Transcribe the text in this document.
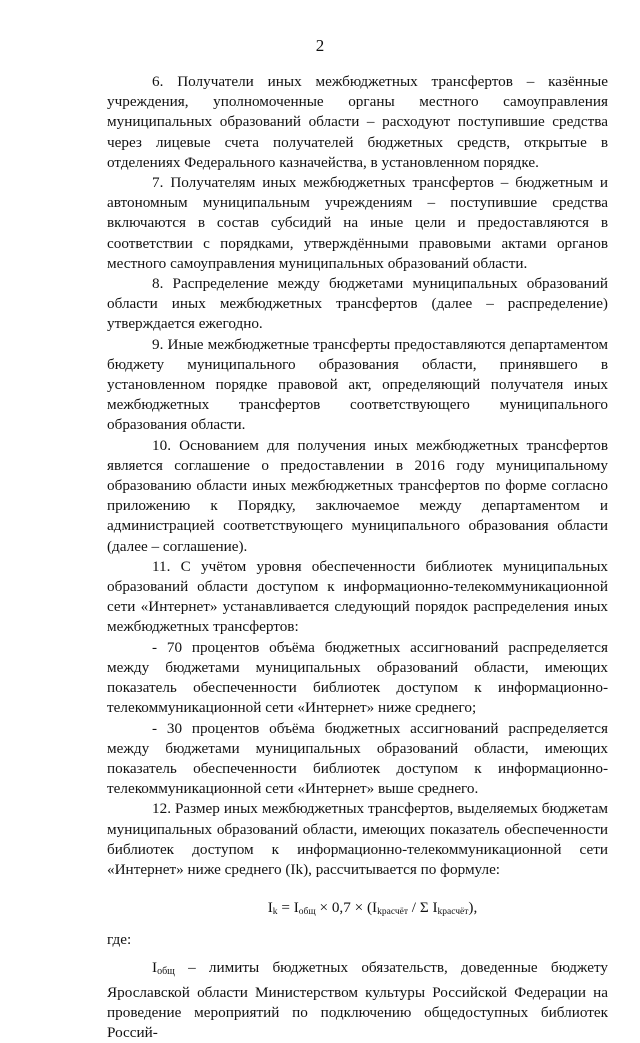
2

6. Получатели иных межбюджетных трансфертов – казённые учреждения, уполномоченные органы местного самоуправления муниципальных образований области – расходуют поступившие средства через лицевые счета получателей бюджетных средств, открытые в отделениях Федерального казначейства, в установленном порядке.

7. Получателям иных межбюджетных трансфертов – бюджетным и автономным муниципальным учреждениям – поступившие средства включаются в состав субсидий на иные цели и предоставляются в соответствии с порядками, утверждёнными правовыми актами органов местного самоуправления муниципальных образований области.

8. Распределение между бюджетами муниципальных образований области иных межбюджетных трансфертов (далее – распределение) утверждается ежегодно.

9. Иные межбюджетные трансферты предоставляются департаментом бюджету муниципального образования области, принявшего в установленном порядке правовой акт, определяющий получателя иных межбюджетных трансфертов соответствующего муниципального образования области.

10. Основанием для получения иных межбюджетных трансфертов является соглашение о предоставлении в 2016 году муниципальному образованию области иных межбюджетных трансфертов по форме согласно приложению к Порядку, заключаемое между департаментом и администрацией соответствующего муниципального образования области (далее – соглашение).

11. С учётом уровня обеспеченности библиотек муниципальных образований области доступом к информационно-телекоммуникационной сети «Интернет» устанавливается следующий порядок распределения иных межбюджетных трансфертов:

- 70 процентов объёма бюджетных ассигнований распределяется между бюджетами муниципальных образований области, имеющих показатель обеспеченности библиотек доступом к информационно-телекоммуникационной сети «Интернет» ниже среднего;

- 30 процентов объёма бюджетных ассигнований распределяется между бюджетами муниципальных образований области, имеющих показатель обеспеченности библиотек доступом к информационно-телекоммуникационной сети «Интернет» выше среднего.

12. Размер иных межбюджетных трансфертов, выделяемых бюджетам муниципальных образований области, имеющих показатель обеспеченности библиотек доступом к информационно-телекоммуникационной сети «Интернет» ниже среднего (Ik), рассчитывается по формуле:

$I_k = I_{общ} \times 0,7 \times (I_{kрасчёт} / \Sigma$ $I_{kрасчёт}$),

где:

$I_{общ}$ – лимиты бюджетных обязательств, доведенные бюджету Ярославской области Министерством культуры Российской Федерации на проведение мероприятий по подключению общедоступных библиотек Россий-
